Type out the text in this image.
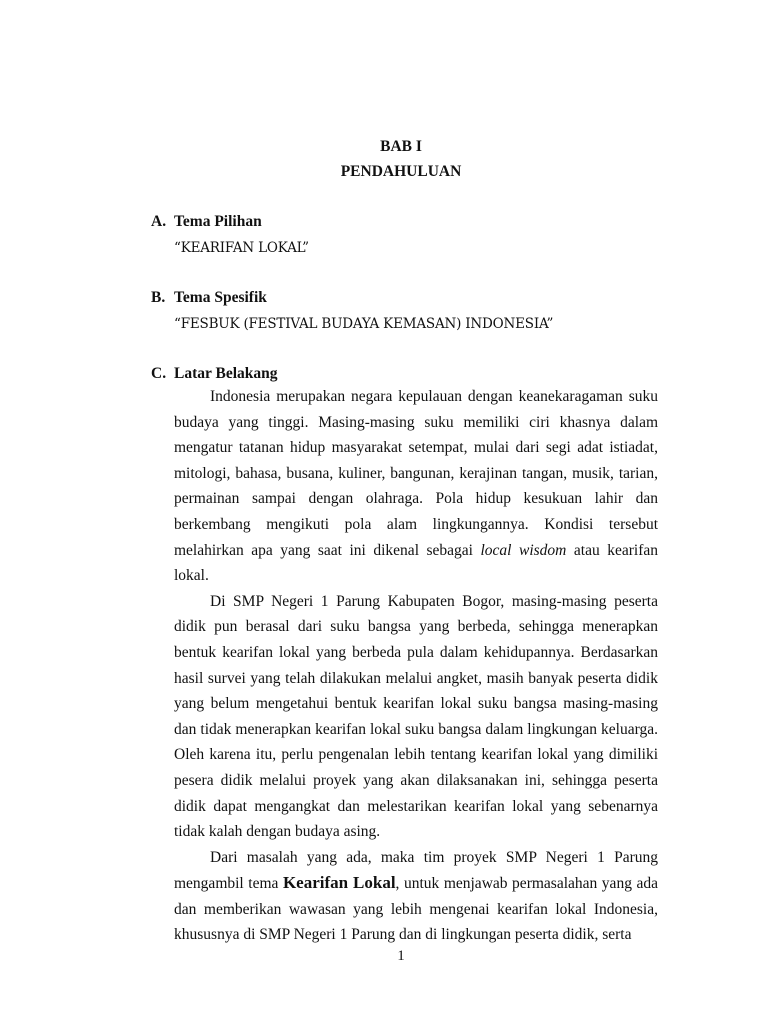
BAB I
PENDAHULUAN
A. Tema Pilihan
“KEARIFAN LOKAL”
B. Tema Spesifik
“FESBUK (FESTIVAL BUDAYA KEMASAN) INDONESIA”
C. Latar Belakang

Indonesia merupakan negara kepulauan dengan keanekaragaman suku budaya yang tinggi. Masing-masing suku memiliki ciri khasnya dalam mengatur tatanan hidup masyarakat setempat, mulai dari segi adat istiadat, mitologi, bahasa, busana, kuliner, bangunan, kerajinan tangan, musik, tarian, permainan sampai dengan olahraga. Pola hidup kesukuan lahir dan berkembang mengikuti pola alam lingkungannya. Kondisi tersebut melahirkan apa yang saat ini dikenal sebagai local wisdom atau kearifan lokal.

Di SMP Negeri 1 Parung Kabupaten Bogor, masing-masing peserta didik pun berasal dari suku bangsa yang berbeda, sehingga menerapkan bentuk kearifan lokal yang berbeda pula dalam kehidupannya. Berdasarkan hasil survei yang telah dilakukan melalui angket, masih banyak peserta didik yang belum mengetahui bentuk kearifan lokal suku bangsa masing-masing dan tidak menerapkan kearifan lokal suku bangsa dalam lingkungan keluarga. Oleh karena itu, perlu pengenalan lebih tentang kearifan lokal yang dimiliki pesera didik melalui proyek yang akan dilaksanakan ini, sehingga peserta didik dapat mengangkat dan melestarikan kearifan lokal yang sebenarnya tidak kalah dengan budaya asing.

Dari masalah yang ada, maka tim proyek SMP Negeri 1 Parung mengambil tema Kearifan Lokal, untuk menjawab permasalahan yang ada dan memberikan wawasan yang lebih mengenai kearifan lokal Indonesia, khususnya di SMP Negeri 1 Parung dan di lingkungan peserta didik, serta

1
